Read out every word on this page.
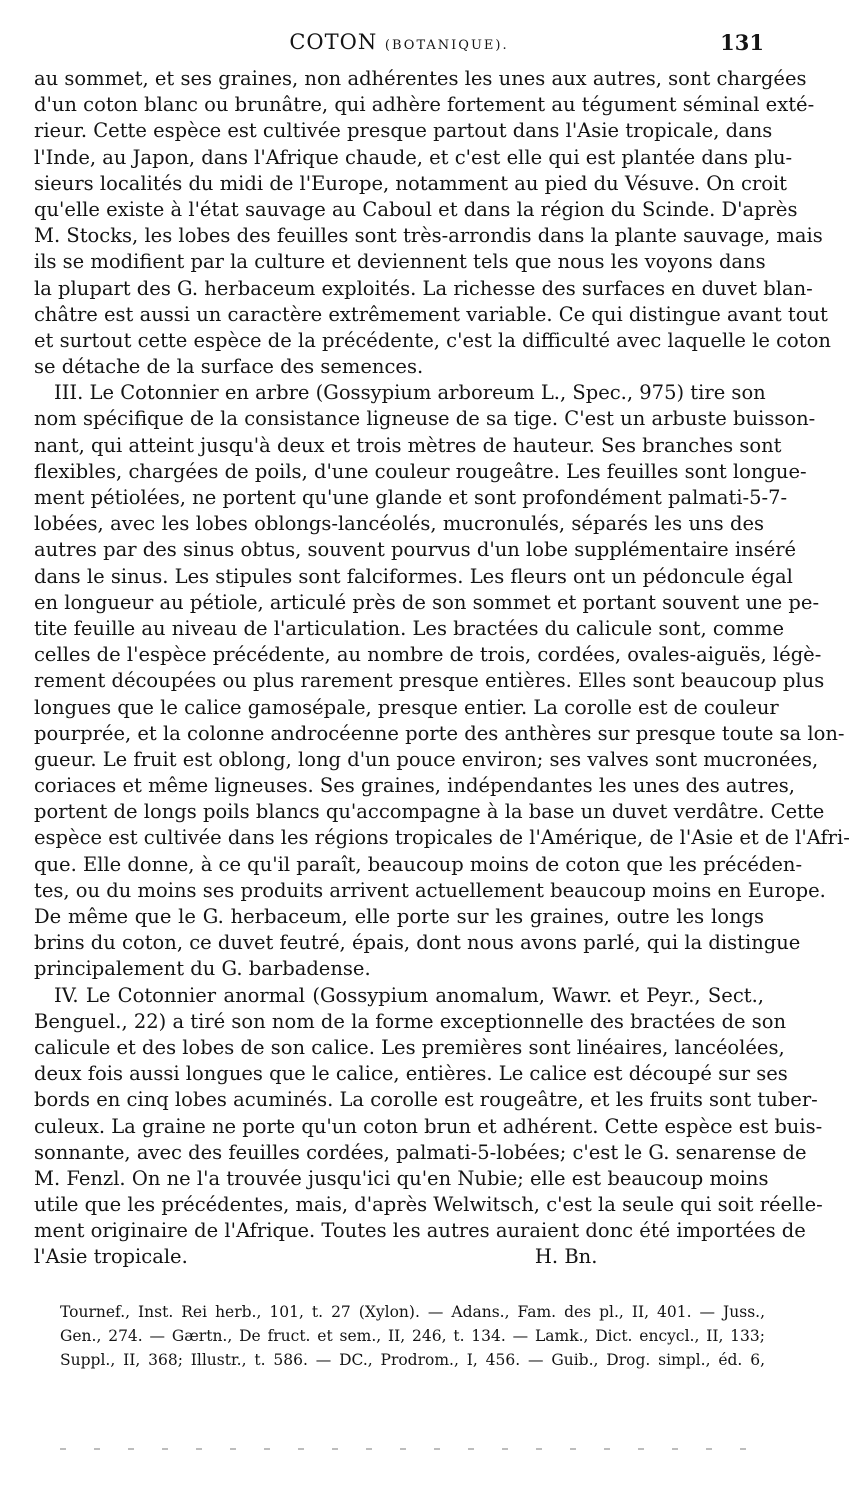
COTON (BOTANIQUE).	131
au sommet, et ses graines, non adhérentes les unes aux autres, sont chargées
d'un coton blanc ou brunâtre, qui adhère fortement au tégument séminal exté-
rieur. Cette espèce est cultivée presque partout dans l'Asie tropicale, dans
l'Inde, au Japon, dans l'Afrique chaude, et c'est elle qui est plantée dans plu-
sieurs localités du midi de l'Europe, notamment au pied du Vésuve. On croit
qu'elle existe à l'état sauvage au Caboul et dans la région du Scinde. D'après
M. Stocks, les lobes des feuilles sont très-arrondis dans la plante sauvage, mais
ils se modifient par la culture et deviennent tels que nous les voyons dans
la plupart des G. herbaceum exploités. La richesse des surfaces en duvet blan-
châtre est aussi un caractère extrêmement variable. Ce qui distingue avant tout
et surtout cette espèce de la précédente, c'est la difficulté avec laquelle le coton
se détache de la surface des semences.
III. Le Cotonnier en arbre (Gossypium arboreum L., Spec., 975) tire son
nom spécifique de la consistance ligneuse de sa tige. C'est un arbuste buisson-
nant, qui atteint jusqu'à deux et trois mètres de hauteur. Ses branches sont
flexibles, chargées de poils, d'une couleur rougeâtre. Les feuilles sont longue-
ment pétiolées, ne portent qu'une glande et sont profondément palmati-5-7-
lobées, avec les lobes oblongs-lancéolés, mucronulés, séparés les uns des
autres par des sinus obtus, souvent pourvus d'un lobe supplémentaire inséré
dans le sinus. Les stipules sont falciformes. Les fleurs ont un pédoncule égal
en longueur au pétiole, articulé près de son sommet et portant souvent une pe-
tite feuille au niveau de l'articulation. Les bractées du calicule sont, comme
celles de l'espèce précédente, au nombre de trois, cordées, ovales-aiguës, légè-
rement découpées ou plus rarement presque entières. Elles sont beaucoup plus
longues que le calice gamosépale, presque entier. La corolle est de couleur
pourprée, et la colonne androcéenne porte des anthères sur presque toute sa lon-
gueur. Le fruit est oblong, long d'un pouce environ; ses valves sont mucronées,
coriaces et même ligneuses. Ses graines, indépendantes les unes des autres,
portent de longs poils blancs qu'accompagne à la base un duvet verdâtre. Cette
espèce est cultivée dans les régions tropicales de l'Amérique, de l'Asie et de l'Afri-
que. Elle donne, à ce qu'il paraît, beaucoup moins de coton que les précéden-
tes, ou du moins ses produits arrivent actuellement beaucoup moins en Europe.
De même que le G. herbaceum, elle porte sur les graines, outre les longs
brins du coton, ce duvet feutré, épais, dont nous avons parlé, qui la distingue
principalement du G. barbadense.
IV. Le Cotonnier anormal (Gossypium anomalum, Wawr. et Peyr., Sect.,
Benguel., 22) a tiré son nom de la forme exceptionnelle des bractées de son
calicule et des lobes de son calice. Les premières sont linéaires, lancéolées,
deux fois aussi longues que le calice, entières. Le calice est découpé sur ses
bords en cinq lobes acuminés. La corolle est rougeâtre, et les fruits sont tuber-
culeux. La graine ne porte qu'un coton brun et adhérent. Cette espèce est buis-
sonnante, avec des feuilles cordées, palmati-5-lobées; c'est le G. senarense de
M. Fenzl. On ne l'a trouvée jusqu'ici qu'en Nubie; elle est beaucoup moins
utile que les précédentes, mais, d'après Welwitsch, c'est la seule qui soit réelle-
ment originaire de l'Afrique. Toutes les autres auraient donc été importées de
l'Asie tropicale.                                                        H. Bn.
Tournef., Inst. Rei herb., 101, t. 27 (Xylon). — Adans., Fam. des pl., II, 401. — Juss.,
Gen., 274. — Gærtn., De fruct. et sem., II, 246, t. 134. — Lamk., Dict. encycl., II, 133;
Suppl., II, 368; Illustr., t. 586. — DC., Prodrom., I, 456. — Guib., Drog. simpl., éd. 6,
